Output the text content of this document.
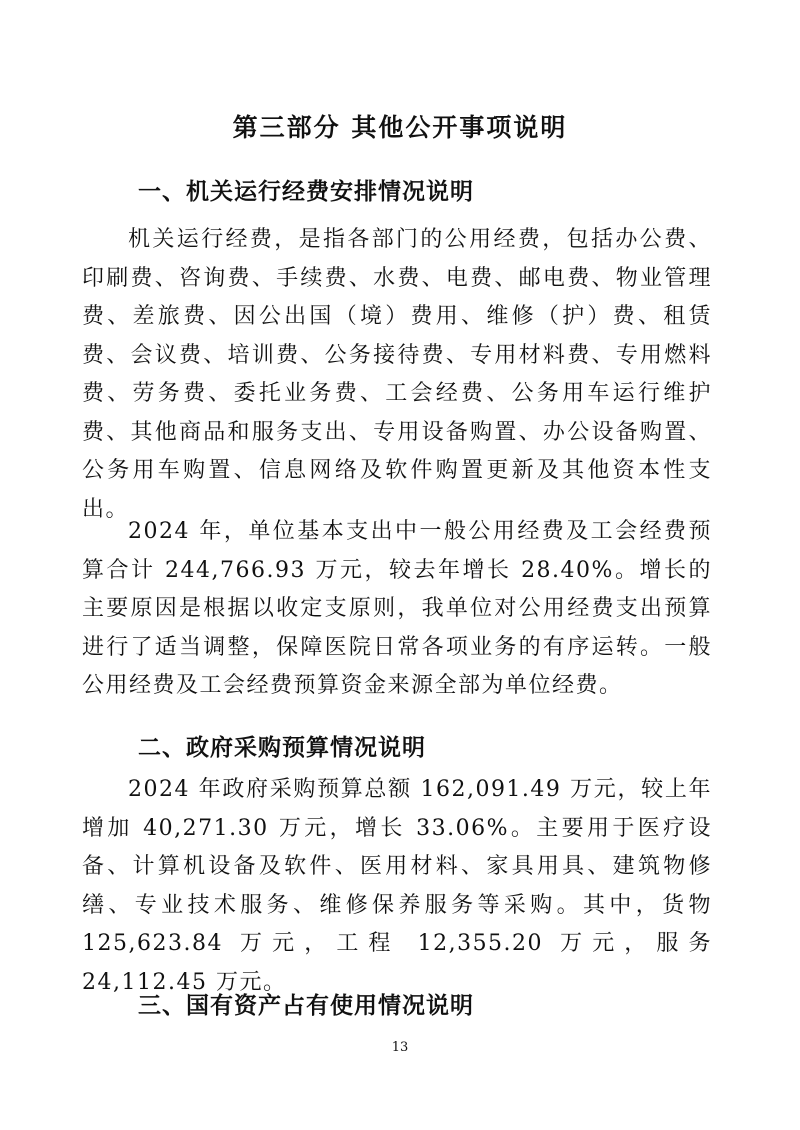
第三部分 其他公开事项说明
一、机关运行经费安排情况说明

机关运行经费，是指各部门的公用经费，包括办公费、印刷费、咨询费、手续费、水费、电费、邮电费、物业管理费、差旅费、因公出国（境）费用、维修（护）费、租赁费、会议费、培训费、公务接待费、专用材料费、专用燃料费、劳务费、委托业务费、工会经费、公务用车运行维护费、其他商品和服务支出、专用设备购置、办公设备购置、公务用车购置、信息网络及软件购置更新及其他资本性支出。

2024 年，单位基本支出中一般公用经费及工会经费预算合计 244,766.93 万元，较去年增长 28.40%。增长的主要原因是根据以收定支原则，我单位对公用经费支出预算进行了适当调整，保障医院日常各项业务的有序运转。一般公用经费及工会经费预算资金来源全部为单位经费。

二、政府采购预算情况说明

2024 年政府采购预算总额 162,091.49 万元，较上年增加 40,271.30 万元，增长 33.06%。主要用于医疗设备、计算机设备及软件、医用材料、家具用具、建筑物修缮、专业技术服务、维修保养服务等采购。其中，货物 125,623.84 万元，工程 12,355.20 万元，服务 24,112.45 万元。

三、国有资产占有使用情况说明
13
